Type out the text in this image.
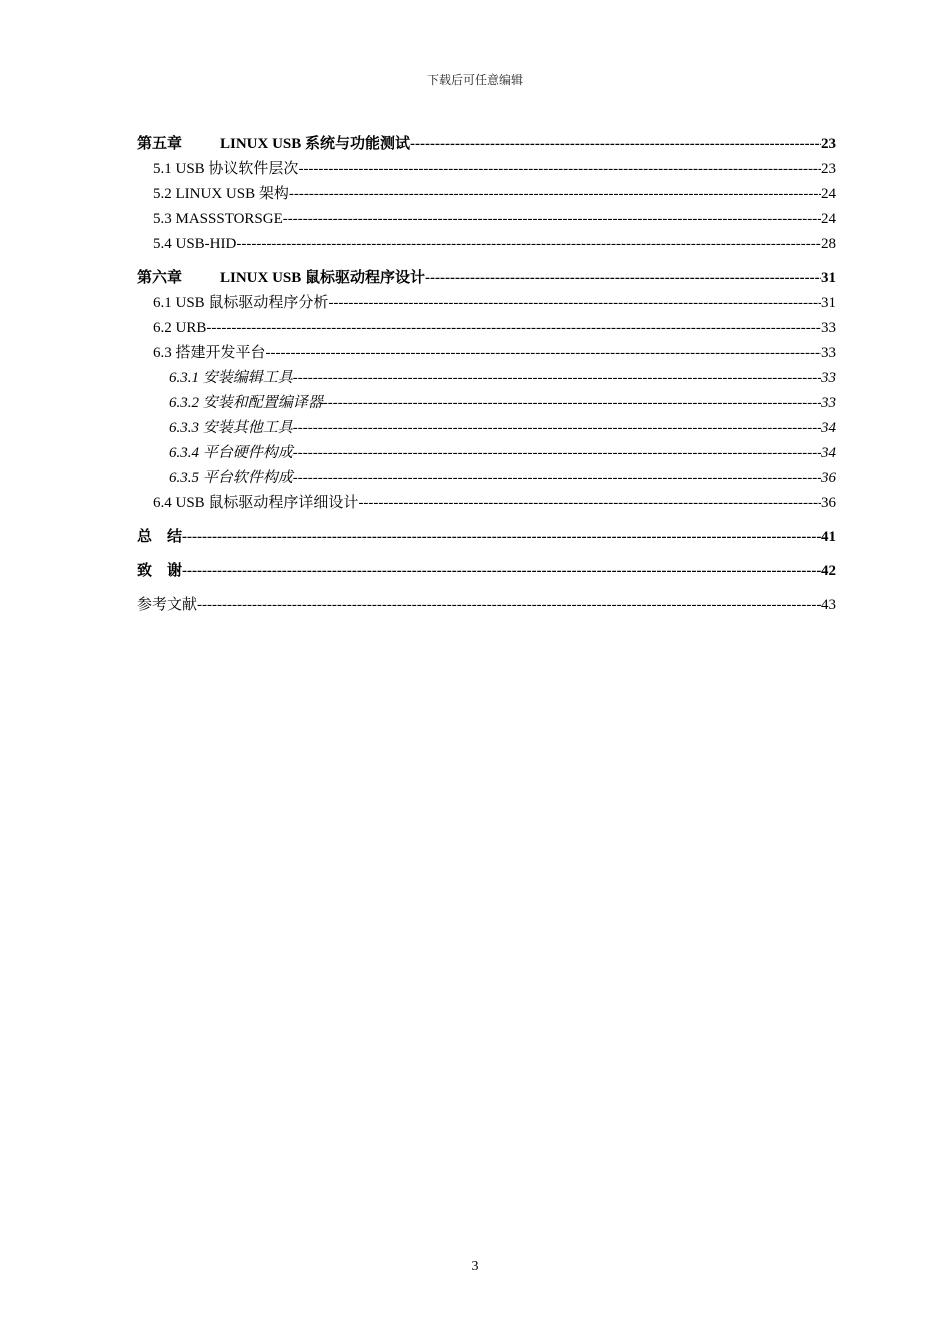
下载后可任意编辑
第五章	LINUX USB 系统与功能测试 -----	23
5.1 USB 协议软件层次 -----	23
5.2 LINUX USB 架构 -----	24
5.3 MASSSTORSGE -----	24
5.4 USB-HID -----	28
第六章	LINUX USB 鼠标驱动程序设计 -----	31
6.1 USB 鼠标驱动程序分析 -----	31
6.2 URB -----	33
6.3 搭建开发平台 -----	33
6.3.1 安装编辑工具 -----	33
6.3.2 安装和配置编译器 -----	33
6.3.3 安装其他工具 -----	34
6.3.4 平台硬件构成 -----	34
6.3.5 平台软件构成 -----	36
6.4 USB 鼠标驱动程序详细设计 -----	36
总　结 -----	41
致　谢 -----	42
参考文献 -----	43
3
